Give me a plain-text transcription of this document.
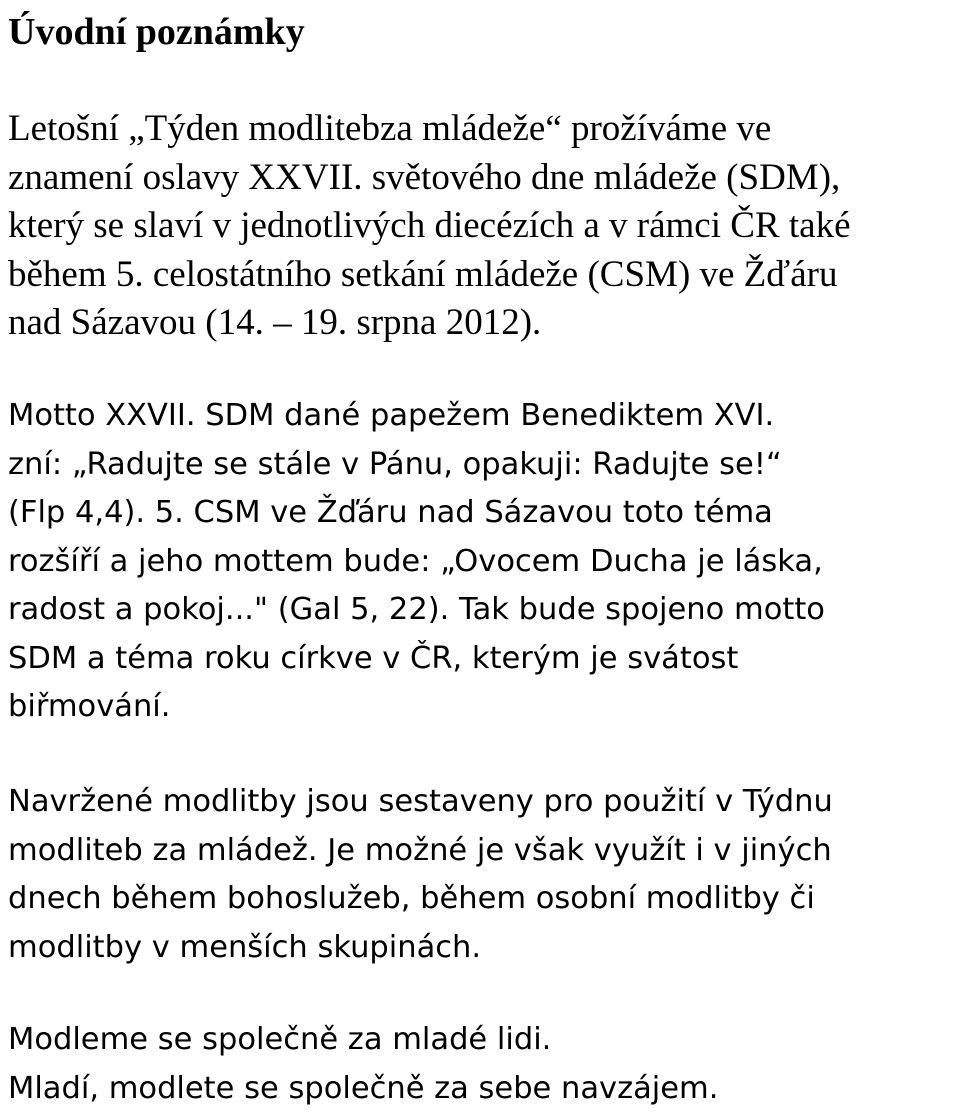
Úvodní poznámky

Letošní „Týden modlitebza mládeže“ prožíváme ve
znamení oslavy XXVII. světového dne mládeže (SDM),
který se slaví v jednotlivých diecézích a v rámci ČR také
během 5. celostátního setkání mládeže (CSM) ve Žďáru
nad Sázavou (14. – 19. srpna 2012).

Motto XXVII. SDM dané papežem Benediktem XVI.
zní: „Radujte se stále v Pánu, opakuji: Radujte se!“
(Flp 4,4). 5. CSM ve Žďáru nad Sázavou toto téma
rozšíří a jeho mottem bude: „Ovocem Ducha je láska,
radost a pokoj..." (Gal 5, 22). Tak bude spojeno motto
SDM a téma roku církve v ČR, kterým je svátost
biřmování.

Navržené modlitby jsou sestaveny pro použití v Týdnu
modliteb za mládež. Je možné je však využít i v jiných
dnech během bohoslužeb, během osobní modlitby či
modlitby v menších skupinách.

Modleme se společně za mladé lidi.
Mladí, modlete se společně za sebe navzájem.
